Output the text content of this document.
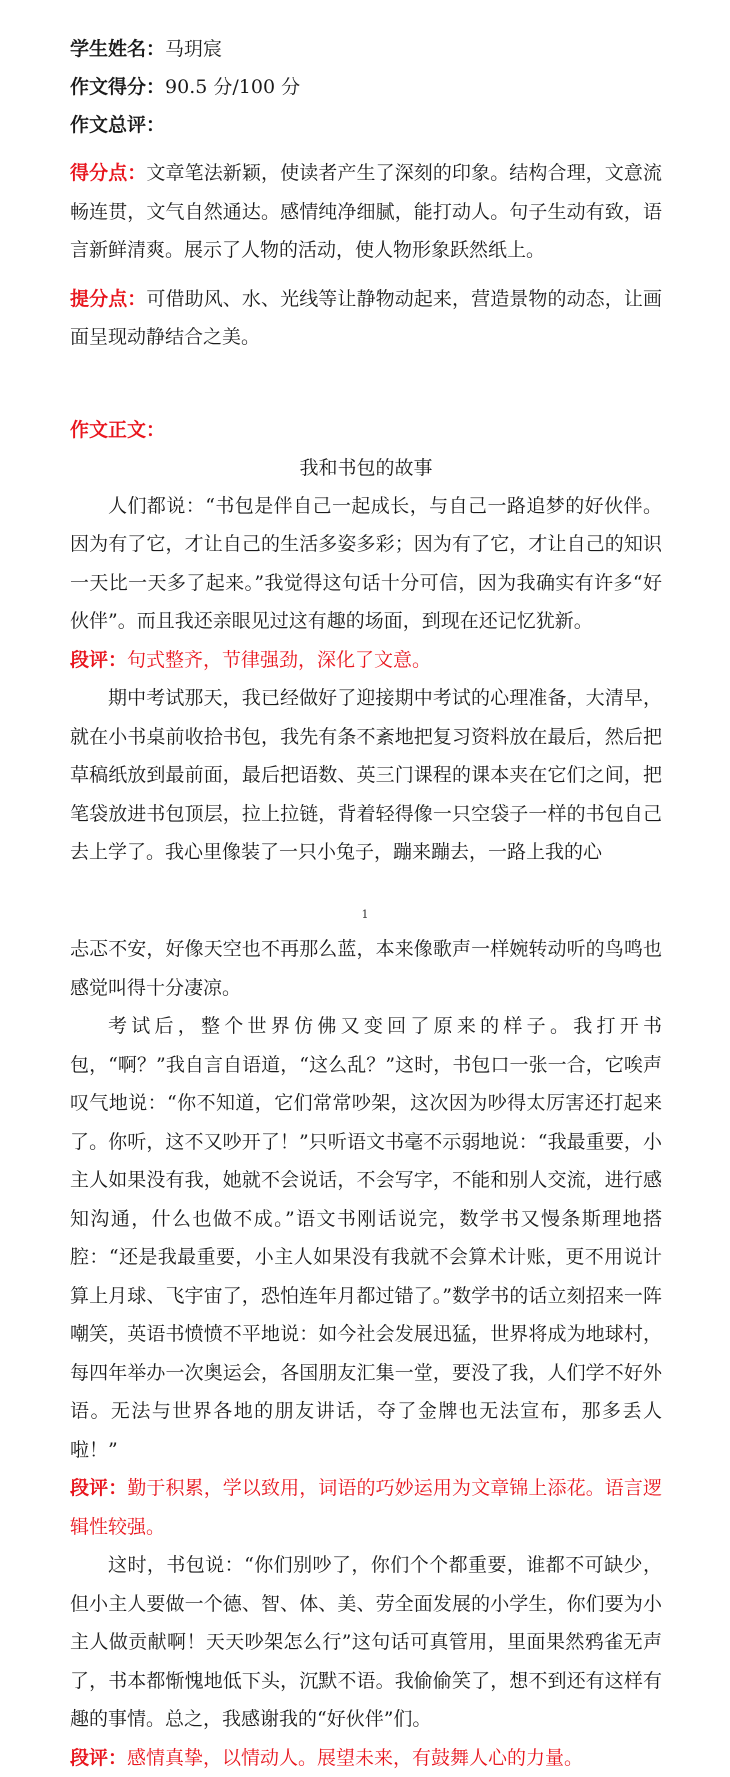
学生姓名：马玥宸
作文得分：90.5 分/100 分
作文总评：
得分点：文章笔法新颖，使读者产生了深刻的印象。结构合理，文意流畅连贯，文气自然通达。感情纯净细腻，能打动人。句子生动有致，语言新鲜清爽。展示了人物的活动，使人物形象跃然纸上。
提分点：可借助风、水、光线等让静物动起来，营造景物的动态，让画面呈现动静结合之美。
作文正文：
我和书包的故事
人们都说：“书包是伴自己一起成长，与自己一路追梦的好伙伴。因为有了它，才让自己的生活多姿多彩；因为有了它，才让自己的知识一天比一天多了起来。”我觉得这句话十分可信，因为我确实有许多“好伙伴”。而且我还亲眼见过这有趣的场面，到现在还记忆犹新。
段评：句式整齐，节律强劲，深化了文意。
期中考试那天，我已经做好了迎接期中考试的心理准备，大清早，就在小书桌前收拾书包，我先有条不紊地把复习资料放在最后，然后把草稿纸放到最前面，最后把语数、英三门课程的课本夹在它们之间，把笔袋放进书包顶层，拉上拉链，背着轻得像一只空袋子一样的书包自己去上学了。我心里像装了一只小兔子，蹦来蹦去，一路上我的心
1
忐忑不安，好像天空也不再那么蓝，本来像歌声一样婉转动听的鸟鸣也感觉叫得十分凄凉。
考试后，整个世界仿佛又变回了原来的样子。我打开书包，“啊？”我自言自语道，“这么乱？”这时，书包口一张一合，它唉声叹气地说：“你不知道，它们常常吵架，这次因为吵得太厉害还打起来了。你听，这不又吵开了！”只听语文书毫不示弱地说：“我最重要，小主人如果没有我，她就不会说话，不会写字，不能和别人交流，进行感知沟通，什么也做不成。”语文书刚话说完，数学书又慢条斯理地搭腔：“还是我最重要，小主人如果没有我就不会算术计账，更不用说计算上月球、飞宇宙了，恐怕连年月都过错了。”数学书的话立刻招来一阵嘲笑，英语书愤愤不平地说：如今社会发展迅猛，世界将成为地球村，每四年举办一次奥运会，各国朋友汇集一堂，要没了我，人们学不好外语。无法与世界各地的朋友讲话，夺了金牌也无法宣布，那多丢人啦！”
段评：勤于积累，学以致用，词语的巧妙运用为文章锦上添花。语言逻辑性较强。
这时，书包说：“你们别吵了，你们个个都重要，谁都不可缺少，但小主人要做一个德、智、体、美、劳全面发展的小学生，你们要为小主人做贡献啊！天天吵架怎么行”这句话可真管用，里面果然鸦雀无声了，书本都惭愧地低下头，沉默不语。我偷偷笑了，想不到还有这样有趣的事情。总之，我感谢我的“好伙伴”们。
段评：感情真挚，以情动人。展望未来，有鼓舞人心的力量。
